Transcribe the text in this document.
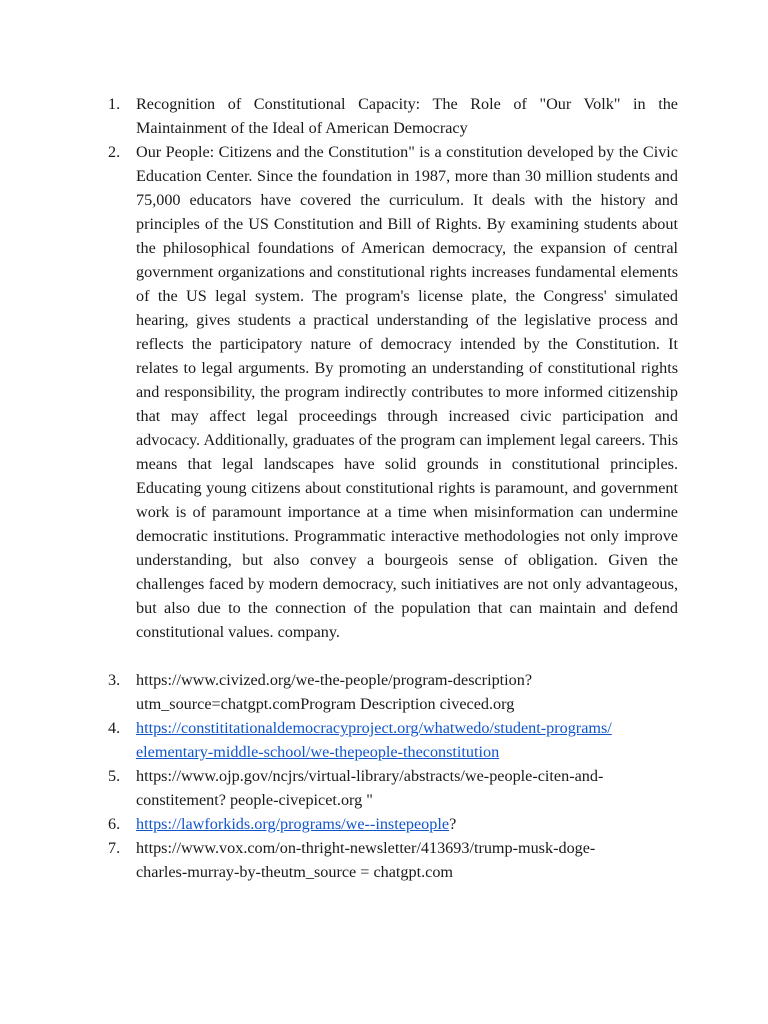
1. Recognition of Constitutional Capacity: The Role of "Our Volk" in the Maintainment of the Ideal of American Democracy
2. Our People: Citizens and the Constitution" is a constitution developed by the Civic Education Center. Since the foundation in 1987, more than 30 million students and 75,000 educators have covered the curriculum. It deals with the history and principles of the US Constitution and Bill of Rights. By examining students about the philosophical foundations of American democracy, the expansion of central government organizations and constitutional rights increases fundamental elements of the US legal system. The program's license plate, the Congress' simulated hearing, gives students a practical understanding of the legislative process and reflects the participatory nature of democracy intended by the Constitution. It relates to legal arguments. By promoting an understanding of constitutional rights and responsibility, the program indirectly contributes to more informed citizenship that may affect legal proceedings through increased civic participation and advocacy. Additionally, graduates of the program can implement legal careers. This means that legal landscapes have solid grounds in constitutional principles. Educating young citizens about constitutional rights is paramount, and government work is of paramount importance at a time when misinformation can undermine democratic institutions. Programmatic interactive methodologies not only improve understanding, but also convey a bourgeois sense of obligation. Given the challenges faced by modern democracy, such initiatives are not only advantageous, but also due to the connection of the population that can maintain and defend constitutional values. company.
3. https://www.civized.org/we-the-people/program-description?
utm_source=chatgpt.comProgram Description civeced.org
4. https://constititationaldemocracyproject.org/whatwedo/student-programs/
elementary-middle-school/we-thepeople-theconstitution
5. https://www.ojp.gov/ncjrs/virtual-library/abstracts/we-people-citen-and-
constitement? people-civepicet.org "
6. https://lawforkids.org/programs/we--instepeople?
7. https://www.vox.com/on-thright-newsletter/413693/trump-musk-doge-
charles-murray-by-theutm_source = chatgpt.com
